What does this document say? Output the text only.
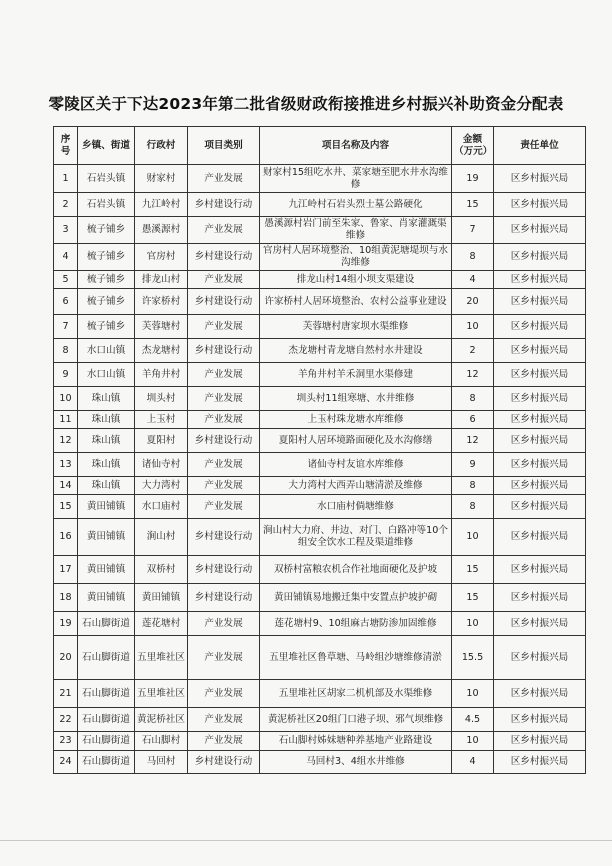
零陵区关于下达2023年第二批省级财政衔接推进乡村振兴补助资金分配表
序号	乡镇、街道	行政村	项目类别	项目名称及内容	金额（万元）	责任单位
1	石岩头镇	财家村	产业发展	财家村15组吃水井、菜家塘至肥水井水沟维修	19	区乡村振兴局
2	石岩头镇	九江岭村	乡村建设行动	九江岭村石岩头烈士墓公路硬化	15	区乡村振兴局
3	梳子铺乡	愚溪源村	产业发展	愚溪源村岩门前至朱家、鲁家、肖家灌溉渠维修	7	区乡村振兴局
4	梳子铺乡	官房村	乡村建设行动	官房村人居环境整治、10组黄泥塘堤坝与水沟维修	8	区乡村振兴局
5	梳子铺乡	排龙山村	产业发展	排龙山村14组小坝支渠建设	4	区乡村振兴局
6	梳子铺乡	许家桥村	乡村建设行动	许家桥村人居环境整治、农村公益事业建设	20	区乡村振兴局
7	梳子铺乡	芙蓉塘村	产业发展	芙蓉塘村唐家坝水渠维修	10	区乡村振兴局
8	水口山镇	杰龙塘村	乡村建设行动	杰龙塘村青龙塘自然村水井建设	2	区乡村振兴局
9	水口山镇	羊角井村	产业发展	羊角井村羊禾洞里水渠修建	12	区乡村振兴局
10	珠山镇	圳头村	产业发展	圳头村11组寒塘、水井维修	8	区乡村振兴局
11	珠山镇	上玉村	产业发展	上玉村珠龙塘水库维修	6	区乡村振兴局
12	珠山镇	夏阳村	乡村建设行动	夏阳村人居环境路面硬化及水沟修缮	12	区乡村振兴局
13	珠山镇	诸仙寺村	产业发展	诸仙寺村友谊水库维修	9	区乡村振兴局
14	珠山镇	大力湾村	产业发展	大力湾村大西弄山塘清淤及维修	8	区乡村振兴局
15	黄田铺镇	水口庙村	产业发展	水口庙村倘塘维修	8	区乡村振兴局
16	黄田铺镇	涧山村	乡村建设行动	涧山村大力府、井边、对门、白路冲等10个组安全饮水工程及渠道维修	10	区乡村振兴局
17	黄田铺镇	双桥村	乡村建设行动	双桥村富粮农机合作社地面硬化及护坡	15	区乡村振兴局
18	黄田铺镇	黄田铺镇	乡村建设行动	黄田铺镇易地搬迁集中安置点护坡护砌	15	区乡村振兴局
19	石山脚街道	莲花塘村	产业发展	莲花塘村9、10组麻古塘防渗加固维修	10	区乡村振兴局
20	石山脚街道	五里堆社区	产业发展	五里堆社区鲁草塘、马岭组沙塘维修清淤	15.5	区乡村振兴局
21	石山脚街道	五里堆社区	产业发展	五里堆社区胡家二机机部及水渠维修	10	区乡村振兴局
22	石山脚街道	黄泥桥社区	产业发展	黄泥桥社区20组门口港子坝、邪气坝维修	4.5	区乡村振兴局
23	石山脚街道	石山脚村	产业发展	石山脚村姊妹塘种养基地产业路建设	10	区乡村振兴局
24	石山脚街道	马回村	乡村建设行动	马回村3、4组水井维修	4	区乡村振兴局
